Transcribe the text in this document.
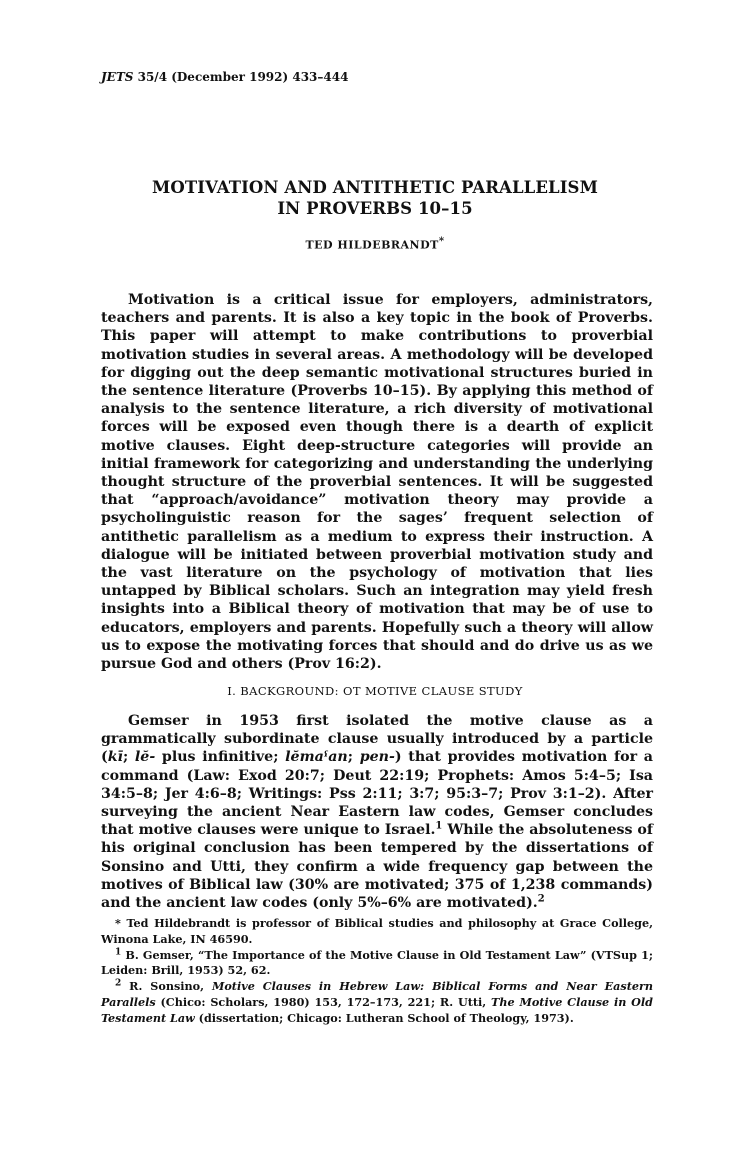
JETS 35/4 (December 1992) 433–444
MOTIVATION AND ANTITHETIC PARALLELISM
IN PROVERBS 10–15
TED HILDEBRANDT*
Motivation is a critical issue for employers, administrators, teachers and parents. It is also a key topic in the book of Proverbs. This paper will attempt to make contributions to proverbial motivation studies in several areas. A methodology will be developed for digging out the deep semantic motivational structures buried in the sentence literature (Proverbs 10–15). By applying this method of analysis to the sentence literature, a rich diversity of motivational forces will be exposed even though there is a dearth of explicit motive clauses. Eight deep-structure categories will provide an initial framework for categorizing and understanding the underlying thought structure of the proverbial sentences. It will be suggested that “approach/avoidance” motivation theory may provide a psycholinguistic reason for the sages’ frequent selection of antithetic parallelism as a medium to express their instruction. A dialogue will be initiated between proverbial motivation study and the vast literature on the psychology of motivation that lies untapped by Biblical scholars. Such an integration may yield fresh insights into a Biblical theory of motivation that may be of use to educators, employers and parents. Hopefully such a theory will allow us to expose the motivating forces that should and do drive us as we pursue God and others (Prov 16:2).
I. BACKGROUND: OT MOTIVE CLAUSE STUDY
Gemser in 1953 first isolated the motive clause as a grammatically subordinate clause usually introduced by a particle (kī; lĕ- plus infinitive; lĕmaˁan; pen-) that provides motivation for a command (Law: Exod 20:7; Deut 22:19; Prophets: Amos 5:4–5; Isa 34:5–8; Jer 4:6–8; Writings: Pss 2:11; 3:7; 95:3–7; Prov 3:1–2). After surveying the ancient Near Eastern law codes, Gemser concludes that motive clauses were unique to Israel.$^1$ While the absoluteness of his original conclusion has been tempered by the dissertations of Sonsino and Utti, they confirm a wide frequency gap between the motives of Biblical law (30% are motivated; 375 of 1,238 commands) and the ancient law codes (only 5%–6% are motivated).$^2$

* Ted Hildebrandt is professor of Biblical studies and philosophy at Grace College, Winona Lake, IN 46590.

$^1$ B. Gemser, “The Importance of the Motive Clause in Old Testament Law” (VTSup 1; Leiden: Brill, 1953) 52, 62.

$^2$ R. Sonsino, Motive Clauses in Hebrew Law: Biblical Forms and Near Eastern Parallels (Chico: Scholars, 1980) 153, 172–173, 221; R. Utti, The Motive Clause in Old Testament Law (dissertation; Chicago: Lutheran School of Theology, 1973).
